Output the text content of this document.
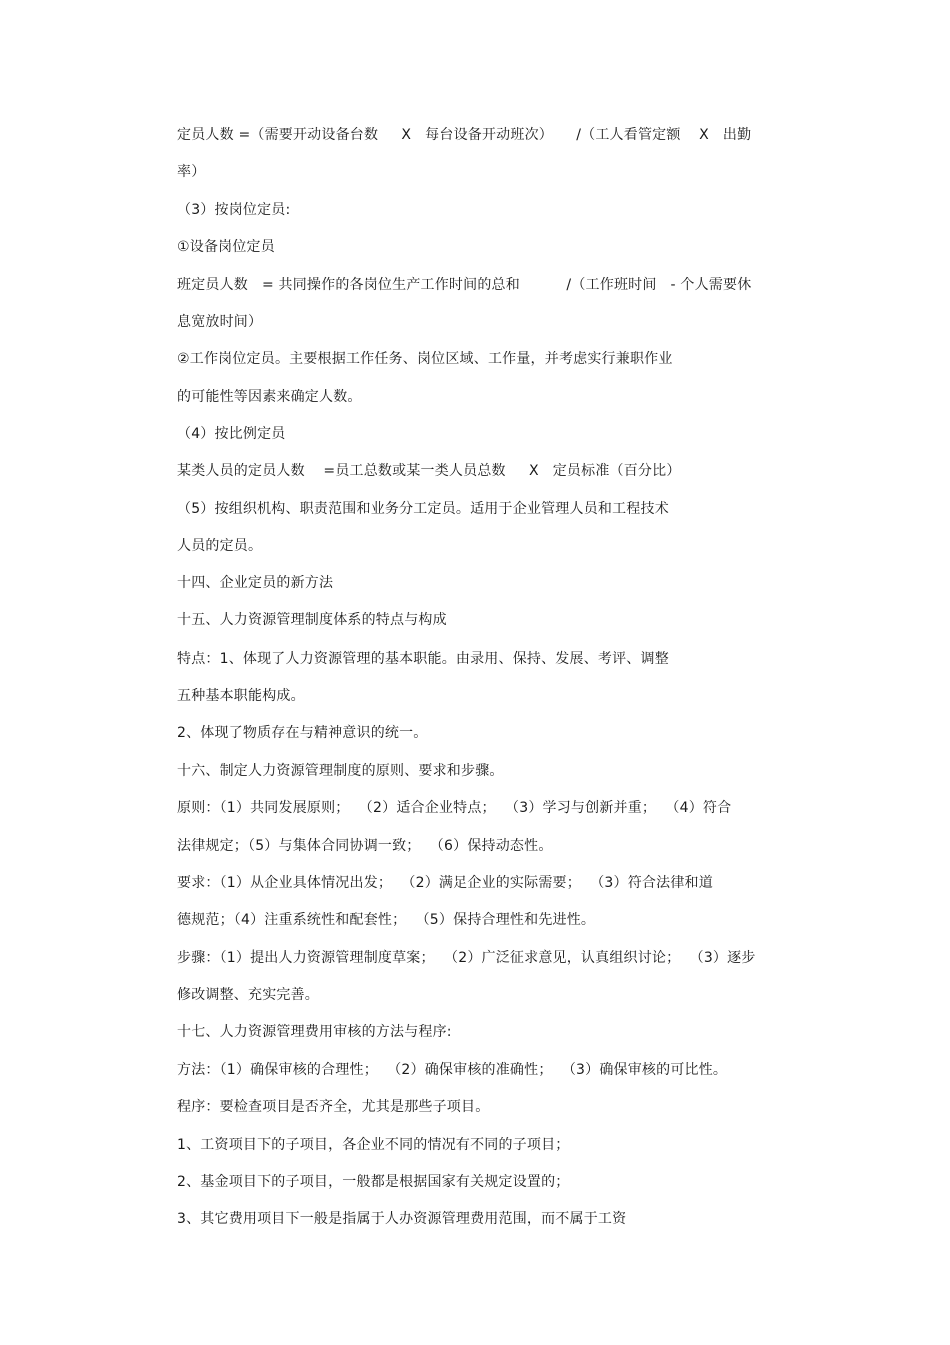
定员人数 =（需要开动设备台数     X   每台设备开动班次）     /（工人看管定额    X   出勤
率）
（3）按岗位定员:
①设备岗位定员
班定员人数   = 共同操作的各岗位生产工作时间的总和          /（工作班时间   - 个人需要休
息宽放时间）
②工作岗位定员。主要根据工作任务、岗位区域、工作量，并考虑实行兼职作业
的可能性等因素来确定人数。
（4）按比例定员
某类人员的定员人数    =员工总数或某一类人员总数     X   定员标准（百分比）
（5）按组织机构、职责范围和业务分工定员。适用于企业管理人员和工程技术
人员的定员。
十四、企业定员的新方法
十五、人力资源管理制度体系的特点与构成
特点：1、体现了人力资源管理的基本职能。由录用、保持、发展、考评、调整
五种基本职能构成。
2、体现了物质存在与精神意识的统一。
十六、制定人力资源管理制度的原则、要求和步骤。
原则：（1）共同发展原则；  （2）适合企业特点；  （3）学习与创新并重；  （4）符合
法律规定；（5）与集体合同协调一致；  （6）保持动态性。
要求：（1）从企业具体情况出发；  （2）满足企业的实际需要；  （3）符合法律和道
德规范；（4）注重系统性和配套性；  （5）保持合理性和先进性。
步骤：（1）提出人力资源管理制度草案；  （2）广泛征求意见，认真组织讨论；  （3）逐步
修改调整、充实完善。
十七、人力资源管理费用审核的方法与程序:
方法：（1）确保审核的合理性；  （2）确保审核的准确性；  （3）确保审核的可比性。
程序：要检查项目是否齐全，尤其是那些子项目。
1、工资项目下的子项目，各企业不同的情况有不同的子项目；
2、基金项目下的子项目，一般都是根据国家有关规定设置的；
3、其它费用项目下一般是指属于人办资源管理费用范围，而不属于工资
